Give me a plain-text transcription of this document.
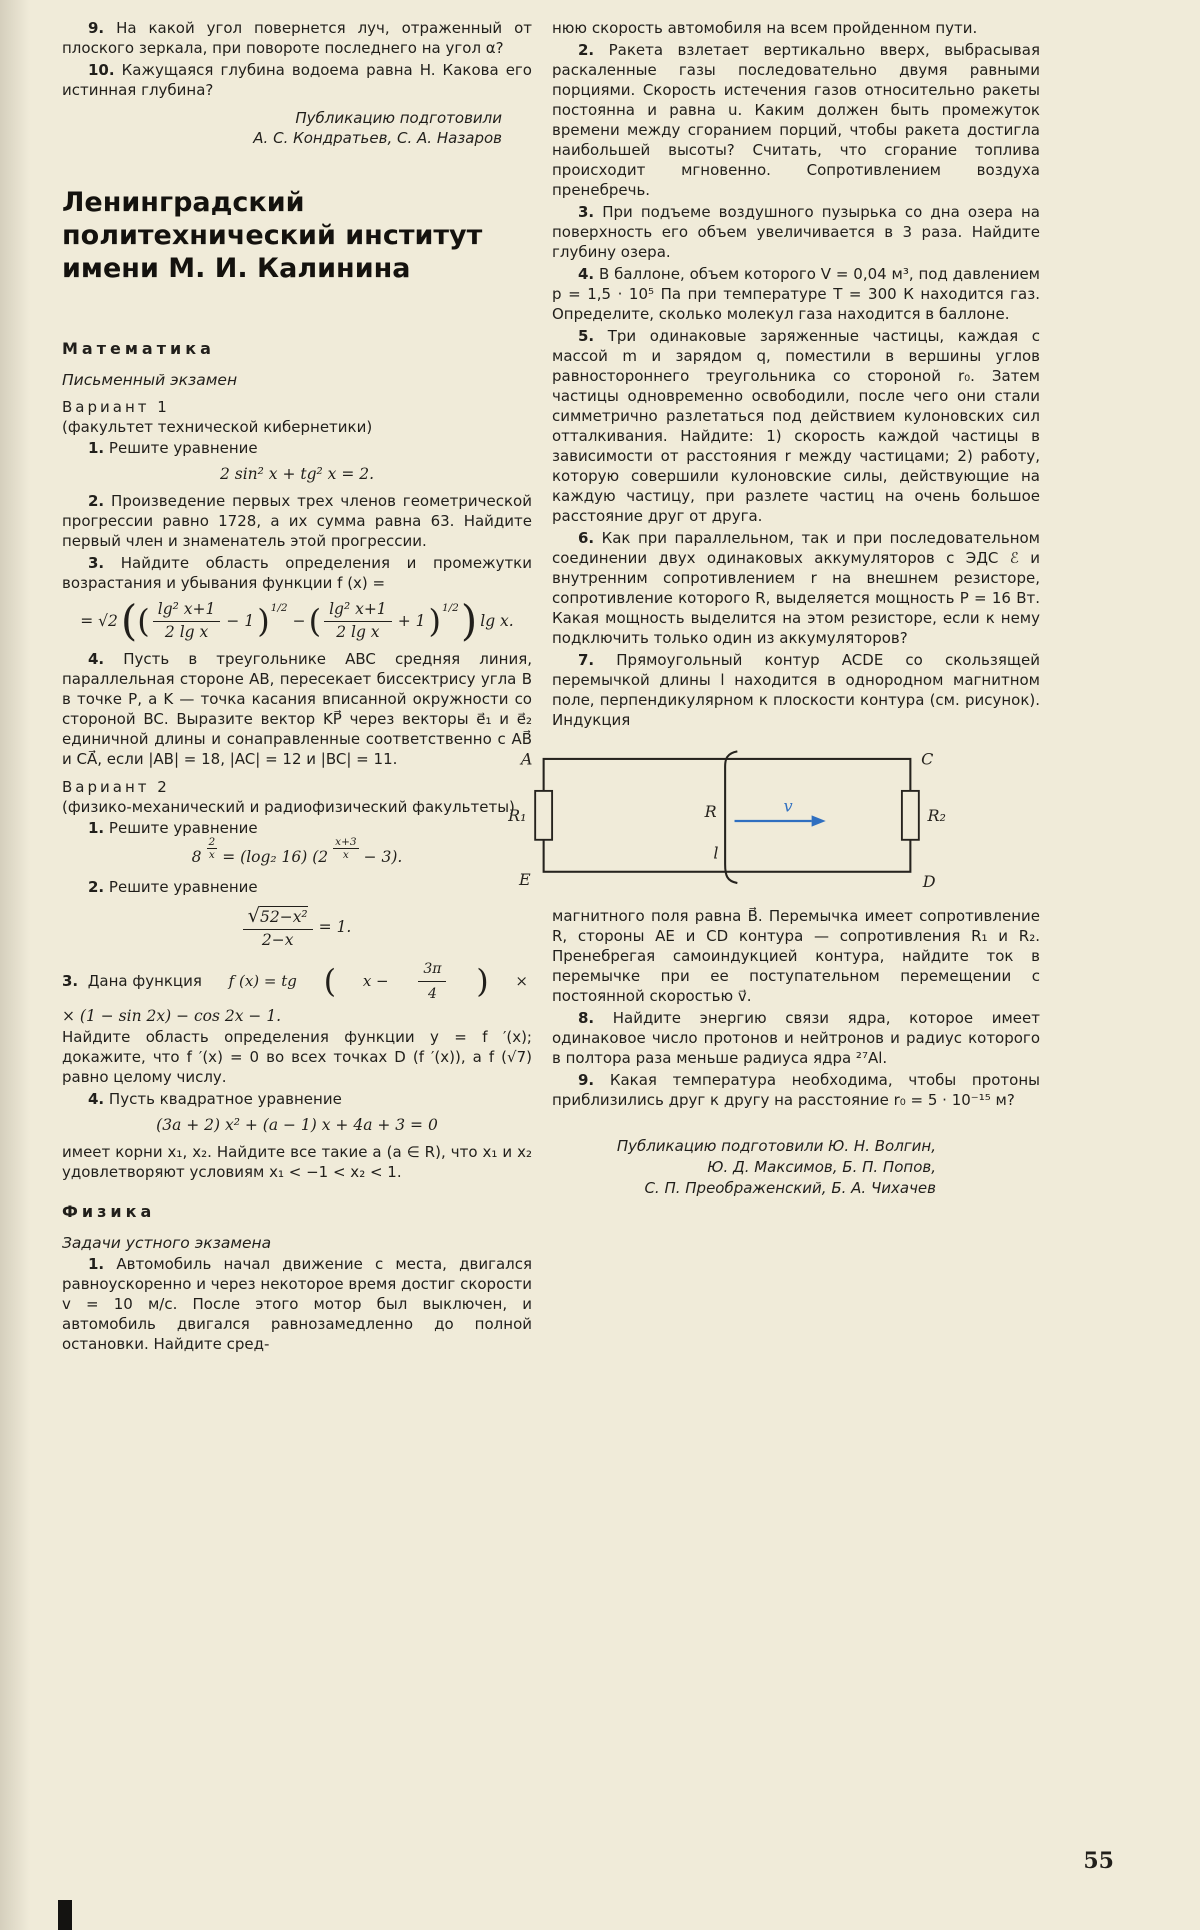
9. На какой угол повернется луч, отраженный от плоского зеркала, при повороте последнего на угол α?

10. Кажущаяся глубина водоема равна H. Какова его истинная глубина?

Публикацию подготовили
А. С. Кондратьев, С. А. Назаров
Ленинградский
политехнический институт
имени М. И. Калинина
Математика
Письменный экзамен
Вариант 1
(факультет технической кибернетики)

1. Решите уравнение

2 sin² x + tg² x = 2.

2. Произведение первых трех членов геометрической прогрессии равно 1728, а их сумма равна 63. Найдите первый член и знаменатель этой прогрессии.

3. Найдите область определения и промежутки возрастания и убывания функции f (x) =

= √2 ( ( $\frac{\text{lg² x+1}}{\text{2 lg x}} - 1$ ) 1/2
− ( $\frac{\text{lg² x+1}}{\text{2 lg x}} + 1$ ) 1/2 ) lg x.

4. Пусть в треугольнике ABC средняя линия, параллельная стороне AB, пересекает биссектрису угла B в точке P, а K — точка касания вписанной окружности со стороной BC. Выразите вектор KP⃗ через векторы e⃗₁ и e⃗₂ единичной длины и сонаправленные соответственно с AB⃗ и CA⃗, если |AB| = 18, |AC| = 12 и |BC| = 11.

Вариант 2
(физико-механический и радиофизический факультеты)

1. Решите уравнение

$8 \frac{2}{x} = (\log_2$ 16) (2
x+3
x − 3).

2. Решите уравнение

$\frac{\text{√ 52−x²}}{2-x} = 1$.
3. Дана функция f (x) = tg ( $x - \frac{3\pi}{4}$ ) ×
× (1 − sin 2x) − cos 2x − 1.

Найдите область определения функции y = f ′(x); докажите, что f ′(x) = 0 во всех точках D (f ′(x)), а f (√7) равно целому числу.

4. Пусть квадратное уравнение

(3a + 2) x² + (a − 1) x + 4a + 3 = 0

имеет корни x₁, x₂. Найдите все такие a (a ∈ R), что x₁ и x₂ удовлетворяют условиям x₁ < −1 < x₂ < 1.

Физика
Задачи устного экзамена

1. Автомобиль начал движение с места, двигался равноускоренно и через некоторое время достиг скорости v = 10 м/с. После этого мотор был выключен, и автомобиль двигался равнозамедленно до полной остановки. Найдите сред-

нюю скорость автомобиля на всем пройденном пути.

2. Ракета взлетает вертикально вверх, выбрасывая раскаленные газы последовательно двумя равными порциями. Скорость истечения газов относительно ракеты постоянна и равна u. Каким должен быть промежуток времени между сгоранием порций, чтобы ракета достигла наибольшей высоты? Считать, что сгорание топлива происходит мгновенно. Сопротивлением воздуха пренебречь.

3. При подъеме воздушного пузырька со дна озера на поверхность его объем увеличивается в 3 раза. Найдите глубину озера.

4. В баллоне, объем которого V = 0,04 м³, под давлением p = 1,5 · 10⁵ Па при температуре T = 300 К находится газ. Определите, сколько молекул газа находится в баллоне.

5. Три одинаковые заряженные частицы, каждая с массой m и зарядом q, поместили в вершины углов равностороннего треугольника со стороной r₀. Затем частицы одновременно освободили, после чего они стали симметрично разлетаться под действием кулоновских сил отталкивания. Найдите: 1) скорость каждой частицы в зависимости от расстояния r между частицами; 2) работу, которую совершили кулоновские силы, действующие на каждую частицу, при разлете частиц на очень большое расстояние друг от друга.

6. Как при параллельном, так и при последовательном соединении двух одинаковых аккумуляторов с ЭДС ℰ и внутренним сопротивлением r на внешнем резисторе, сопротивление которого R, выделяется мощность P = 16 Вт. Какая мощность выделится на этом резисторе, если к нему подключить только один из аккумуляторов?

7. Прямоугольный контур ACDE со скользящей перемычкой длины l находится в однородном магнитном поле, перпендикулярном к плоскости контура (см. рисунок). Индукция

A	C
E	D
R₁	R₂
R
l
v

магнитного поля равна B⃗. Перемычка имеет сопротивление R, стороны AE и CD контура — сопротивления R₁ и R₂. Пренебрегая самоиндукцией контура, найдите ток в перемычке при ее поступательном перемещении с постоянной скоростью v⃗.

8. Найдите энергию связи ядра, которое имеет одинаковое число протонов и нейтронов и радиус которого в полтора раза меньше радиуса ядра ²⁷Al.

9. Какая температура необходима, чтобы протоны приблизились друг к другу на расстояние r₀ = 5 · 10⁻¹⁵ м?

Публикацию подготовили Ю. Н. Волгин,
Ю. Д. Максимов, Б. П. Попов,
С. П. Преображенский, Б. А. Чихачев
55
